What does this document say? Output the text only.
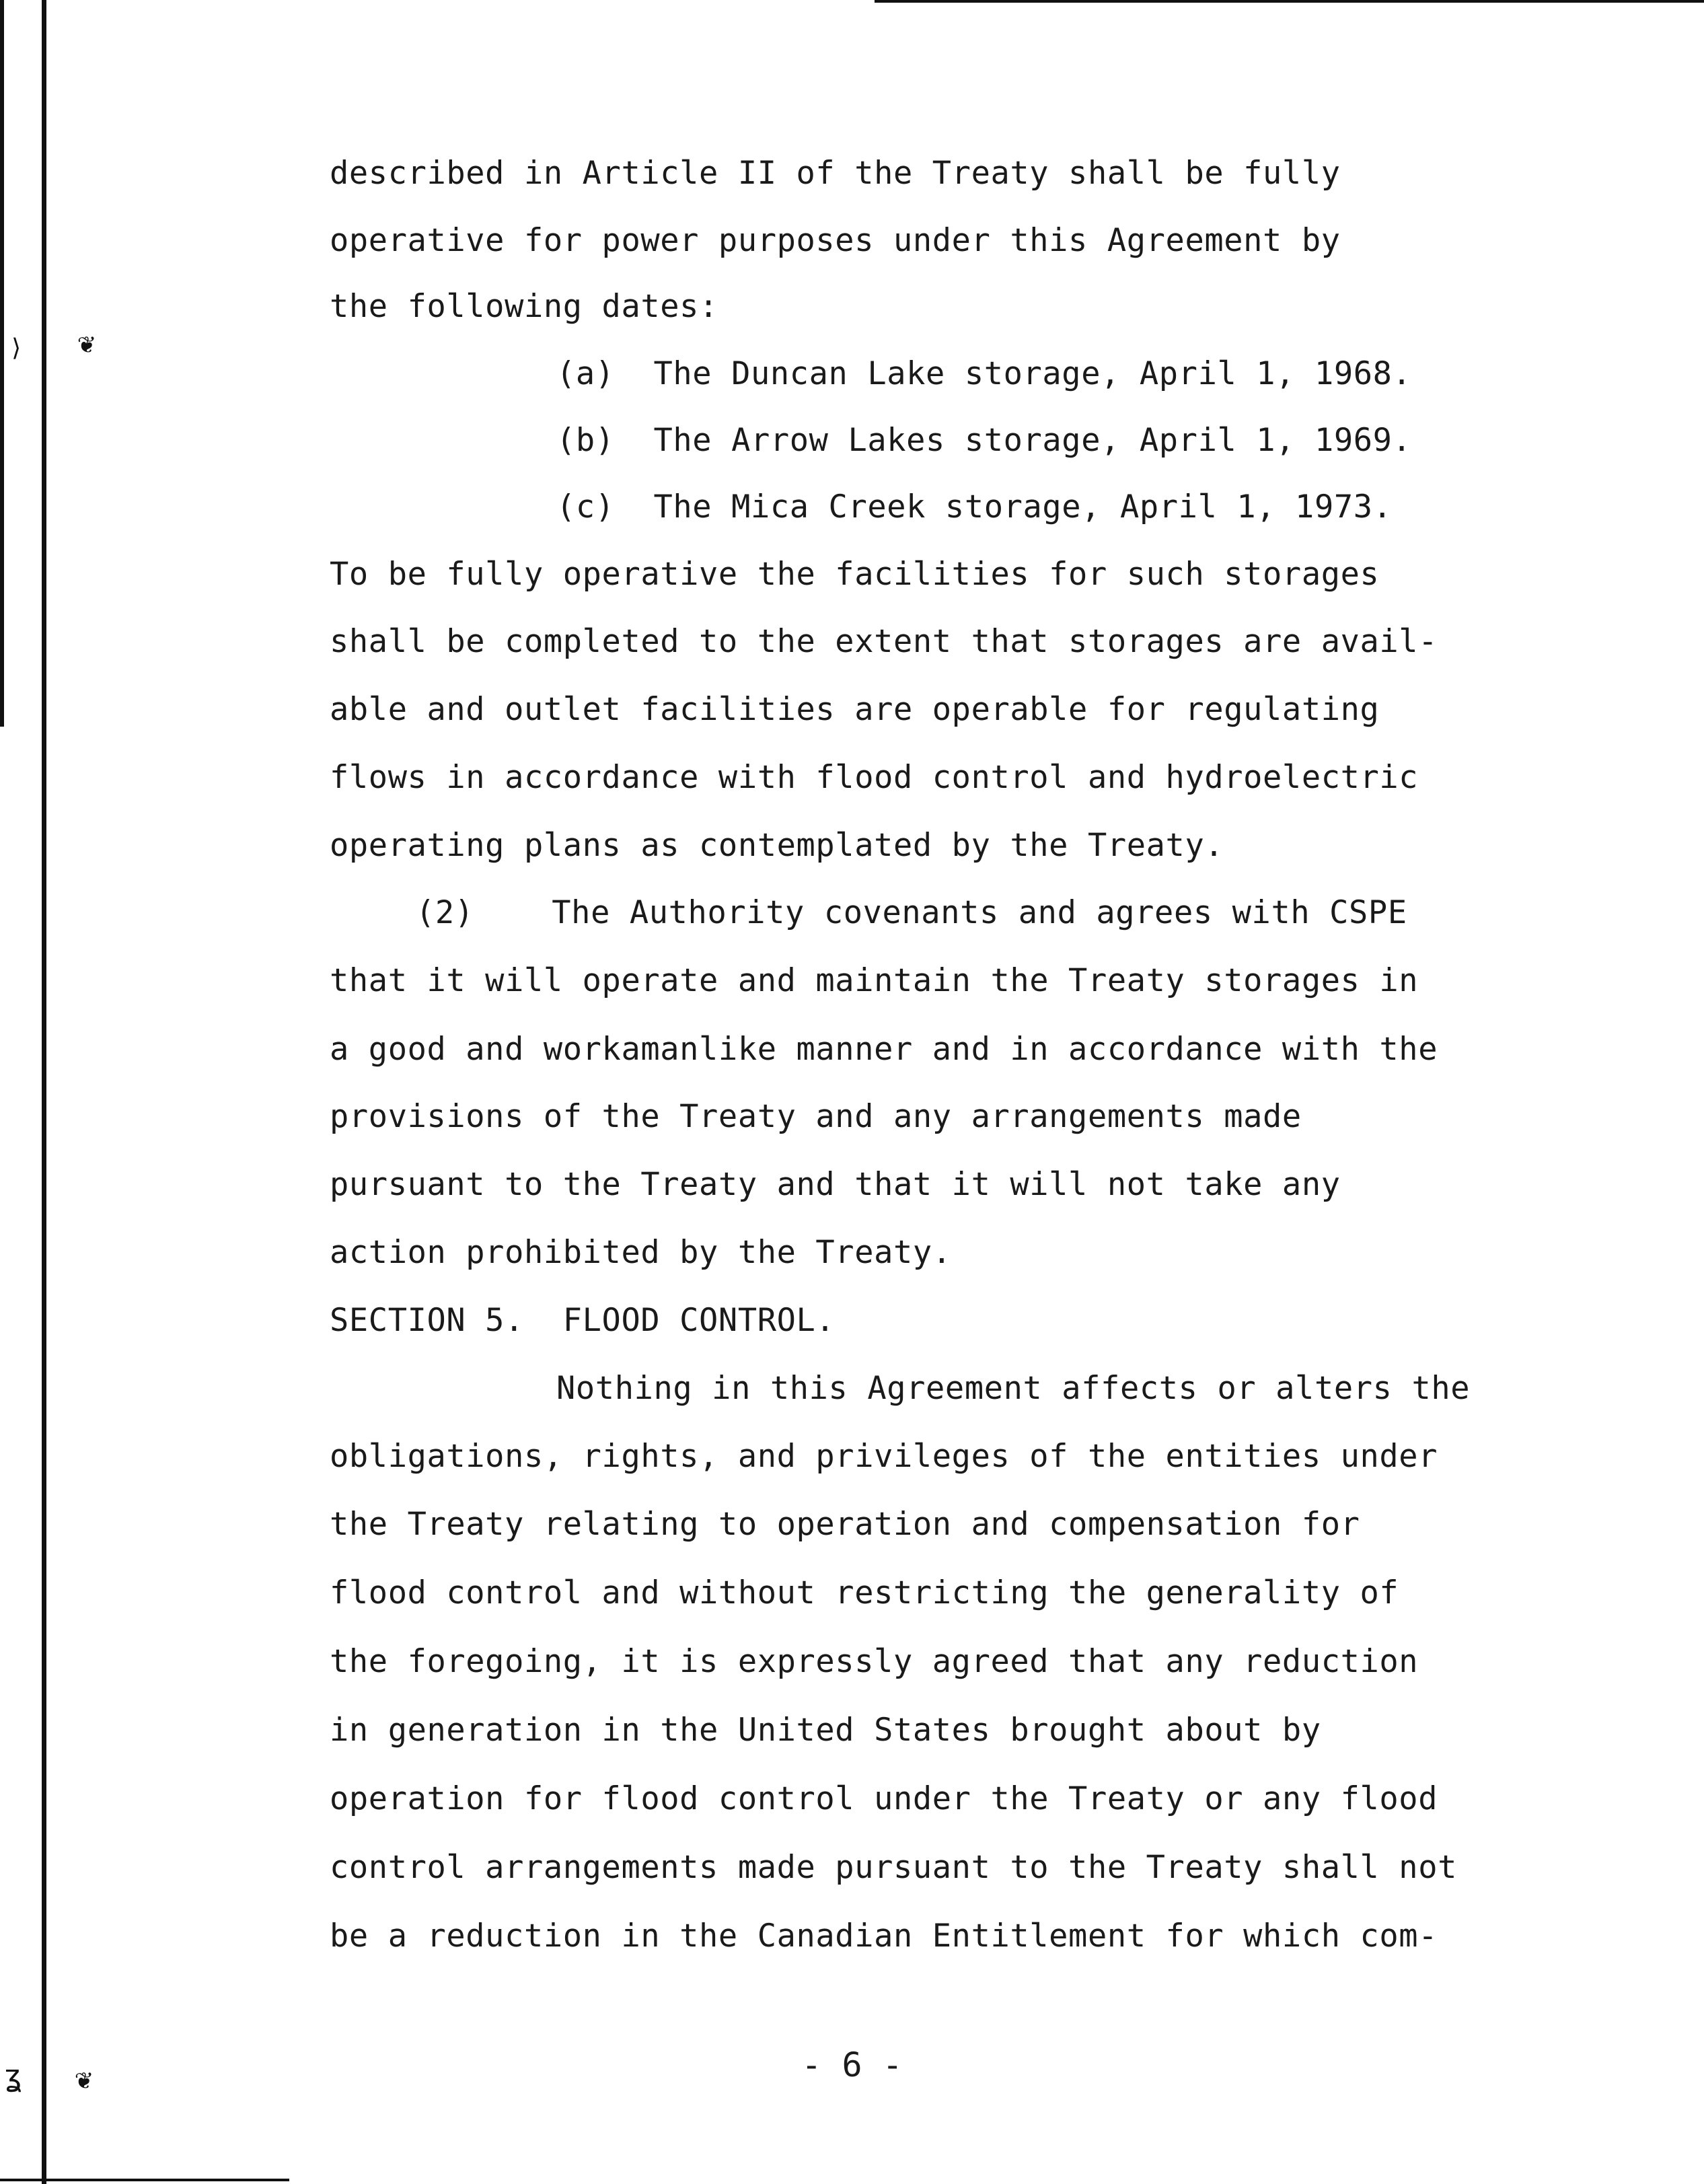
❦
❦
⟩
ʓ
described in Article II of the Treaty shall be fully
operative for power purposes under this Agreement by
the following dates:
(a)  The Duncan Lake storage, April 1, 1968.
(b)  The Arrow Lakes storage, April 1, 1969.
(c)  The Mica Creek storage, April 1, 1973.
To be fully operative the facilities for such storages
shall be completed to the extent that storages are avail-
able and outlet facilities are operable for regulating
flows in accordance with flood control and hydroelectric
operating plans as contemplated by the Treaty.
(2)    The Authority covenants and agrees with CSPE
that it will operate and maintain the Treaty storages in
a good and workamanlike manner and in accordance with the
provisions of the Treaty and any arrangements made
pursuant to the Treaty and that it will not take any
action prohibited by the Treaty.
SECTION 5.  FLOOD CONTROL.
Nothing in this Agreement affects or alters the
obligations, rights, and privileges of the entities under
the Treaty relating to operation and compensation for
flood control and without restricting the generality of
the foregoing, it is expressly agreed that any reduction
in generation in the United States brought about by
operation for flood control under the Treaty or any flood
control arrangements made pursuant to the Treaty shall not
be a reduction in the Canadian Entitlement for which com-
- 6 -
